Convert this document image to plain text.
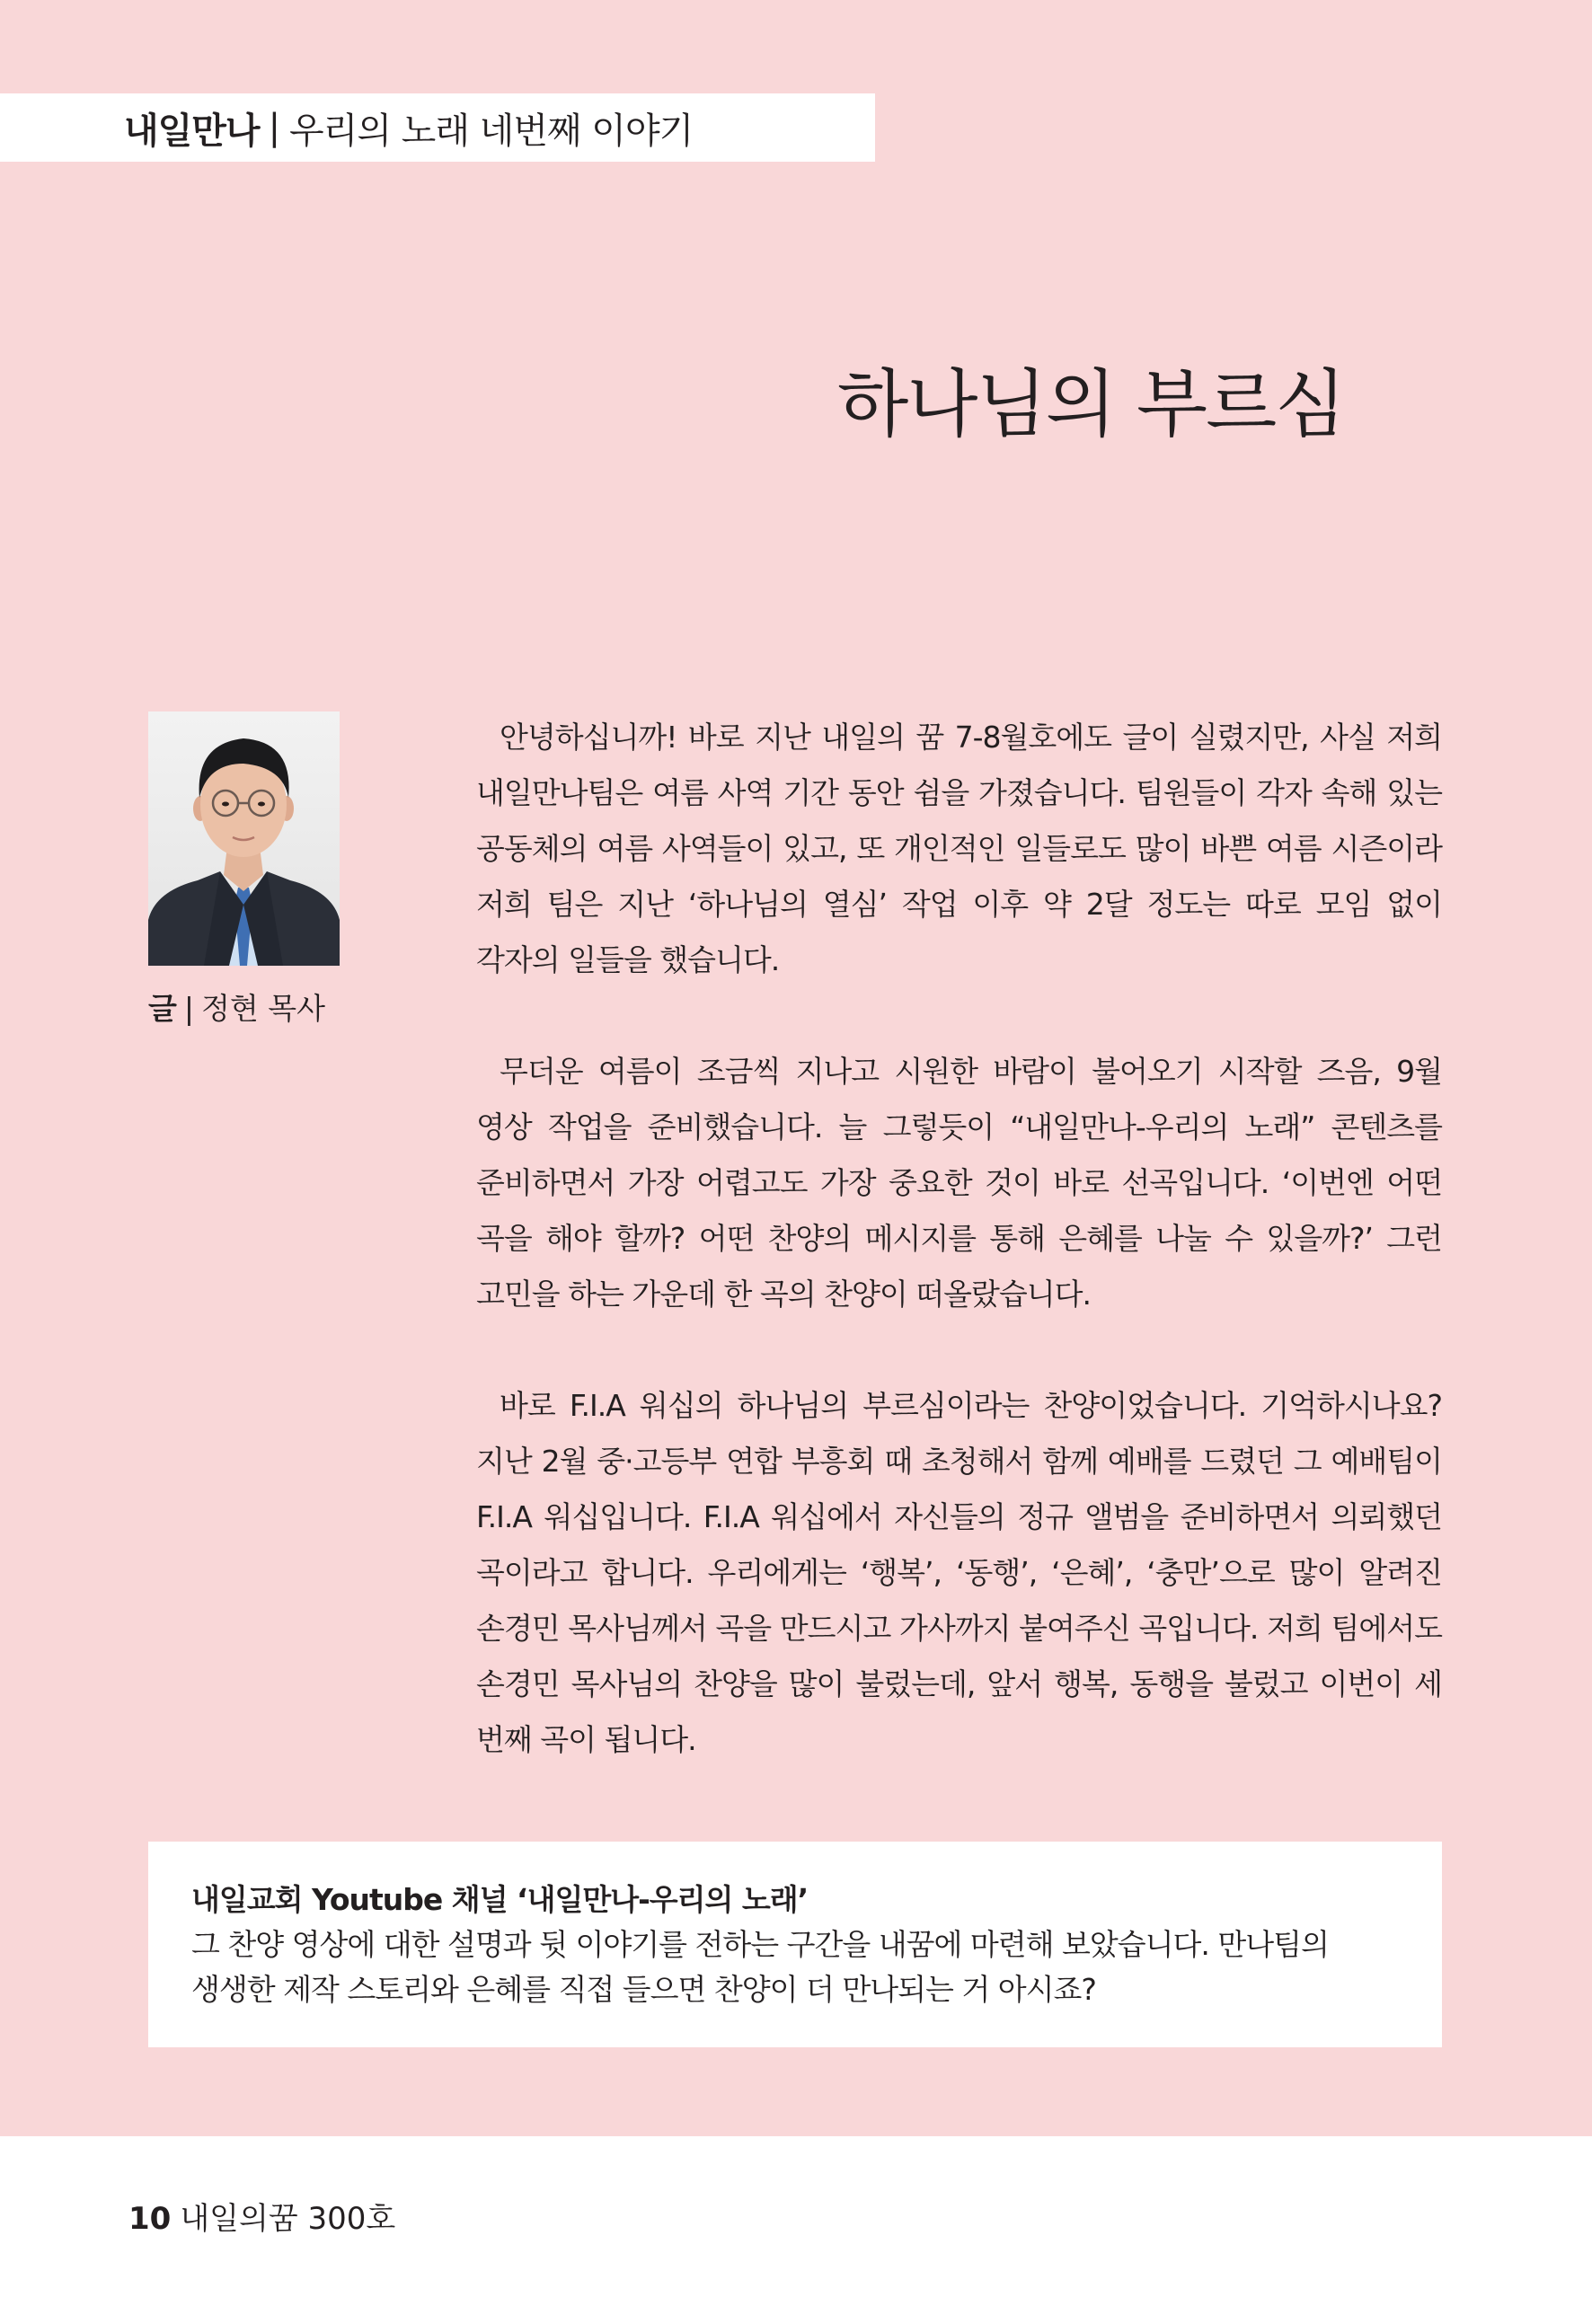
내일만나 | 우리의 노래 네번째 이야기
하나님의 부르심
글 | 정현 목사

안녕하십니까! 바로 지난 내일의 꿈 7-8월호에도 글이 실렸지만, 사실 저희 내일만나팀은 여름 사역 기간 동안 쉼을 가졌습니다. 팀원들이 각자 속해 있는 공동체의 여름 사역들이 있고, 또 개인적인 일들로도 많이 바쁜 여름 시즌이라 저희 팀은 지난 ‘하나님의 열심’ 작업 이후 약 2달 정도는 따로 모임 없이 각자의 일들을 했습니다.

무더운 여름이 조금씩 지나고 시원한 바람이 불어오기 시작할 즈음, 9월 영상 작업을 준비했습니다. 늘 그렇듯이 “내일만나-우리의 노래” 콘텐츠를 준비하면서 가장 어렵고도 가장 중요한 것이 바로 선곡입니다. ‘이번엔 어떤 곡을 해야 할까? 어떤 찬양의 메시지를 통해 은혜를 나눌 수 있을까?’ 그런 고민을 하는 가운데 한 곡의 찬양이 떠올랐습니다.

바로 F.I.A 워십의 하나님의 부르심이라는 찬양이었습니다. 기억하시나요? 지난 2월 중·고등부 연합 부흥회 때 초청해서 함께 예배를 드렸던 그 예배팀이 F.I.A 워십입니다. F.I.A 워십에서 자신들의 정규 앨범을 준비하면서 의뢰했던 곡이라고 합니다. 우리에게는 ‘행복’, ‘동행’, ‘은혜’, ‘충만’으로 많이 알려진 손경민 목사님께서 곡을 만드시고 가사까지 붙여주신 곡입니다. 저희 팀에서도 손경민 목사님의 찬양을 많이 불렀는데, 앞서 행복, 동행을 불렀고 이번이 세 번째 곡이 됩니다.

내일교회 Youtube 채널 ‘내일만나-우리의 노래’

그 찬양 영상에 대한 설명과 뒷 이야기를 전하는 구간을 내꿈에 마련해 보았습니다. 만나팀의 생생한 제작 스토리와 은혜를 직접 들으면 찬양이 더 만나되는 거 아시죠?

10 내일의꿈 300호
